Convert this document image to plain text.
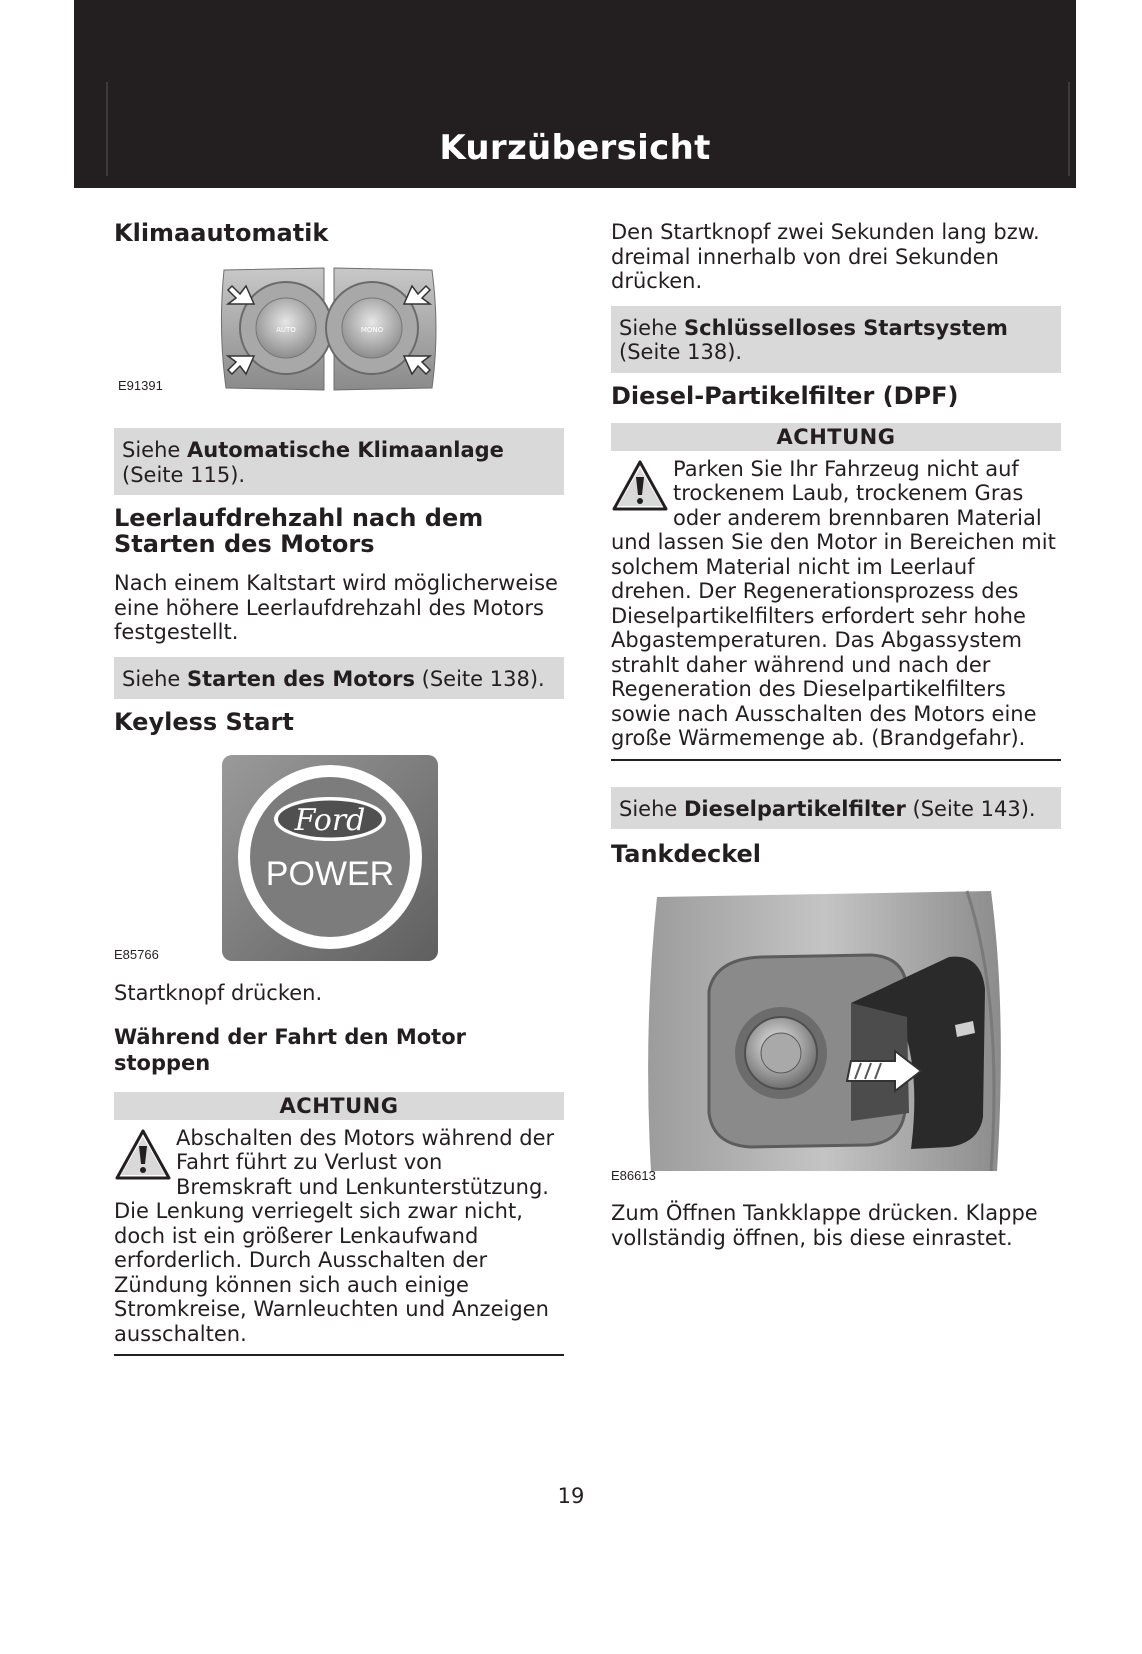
Kurzübersicht
Klimaautomatik
AUTO	MONO
E91391
Siehe Automatische Klimaanlage
(Seite 115).
Leerlaufdrehzahl nach dem Starten des Motors

Nach einem Kaltstart wird möglicherweise eine höhere Leerlaufdrehzahl des Motors festgestellt.

Siehe Starten des Motors (Seite 138).
Keyless Start
Ford
POWER
E85766

Startknopf drücken.

Während der Fahrt den Motor stoppen
ACHTUNG
Abschalten des Motors während der Fahrt führt zu Verlust von Bremskraft und Lenkunterstützung. Die Lenkung verriegelt sich zwar nicht, doch ist ein größerer Lenkaufwand erforderlich. Durch Ausschalten der Zündung können sich auch einige Stromkreise, Warnleuchten und Anzeigen ausschalten.

Den Startknopf zwei Sekunden lang bzw. dreimal innerhalb von drei Sekunden drücken.

Siehe Schlüsselloses Startsystem
(Seite 138).
Diesel-Partikelfilter (DPF)
ACHTUNG
Parken Sie Ihr Fahrzeug nicht auf trockenem Laub, trockenem Gras oder anderem brennbaren Material und lassen Sie den Motor in Bereichen mit solchem Material nicht im Leerlauf drehen. Der Regenerationsprozess des Dieselpartikelfilters erfordert sehr hohe Abgastemperaturen. Das Abgassystem strahlt daher während und nach der Regeneration des Dieselpartikelfilters sowie nach Ausschalten des Motors eine große Wärmemenge ab. (Brandgefahr).
Siehe Dieselpartikelfilter (Seite 143).
Tankdeckel
E86613

Zum Öffnen Tankklappe drücken. Klappe vollständig öffnen, bis diese einrastet.

19
